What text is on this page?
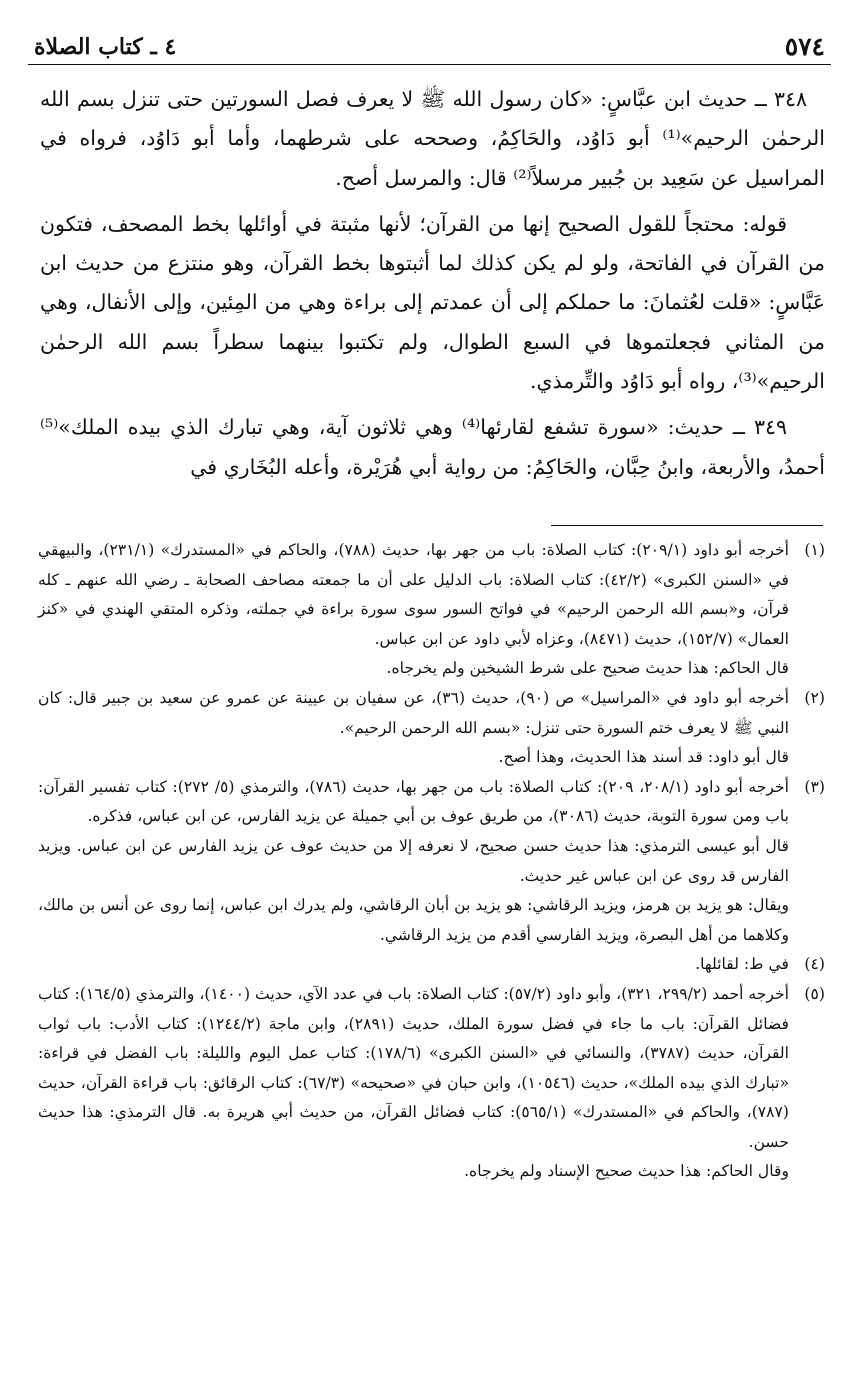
٥٧٤
٤ ـ كتاب الصلاة

٣٤٨ ــ حديث ابن عبَّاسٍ: «كان رسول الله ﷺ لا يعرف فصل السورتين حتى تنزل بسم الله الرحمٰن الرحيم»⁽¹⁾ أبو دَاوُد، والحَاكِمُ، وصححه على شرطهما، وأما أبو دَاوُد، فرواه في المراسيل عن سَعِيد بن جُبير مرسلاً⁽²⁾ قال: والمرسل أصح.

قوله: محتجاً للقول الصحيح إنها من القرآن؛ لأنها مثبتة في أوائلها بخط المصحف، فتكون من القرآن في الفاتحة، ولو لم يكن كذلك لما أثبتوها بخط القرآن، وهو منتزع من حديث ابن عَبَّاسٍ: «قلت لعُثمانَ: ما حملكم إلى أن عمدتم إلى براءة وهي من المِئين، وإلى الأنفال، وهي من المثاني فجعلتموها في السبع الطوال، ولم تكتبوا بينهما سطراً بسم الله الرحمٰن الرحيم»⁽³⁾، رواه أبو دَاوُد والتِّرمذي.

٣٤٩ ــ حديث: «سورة تشفع لقارئها⁽⁴⁾ وهي ثلاثون آية، وهي تبارك الذي بيده الملك»⁽⁵⁾ أحمدُ، والأربعة، وابنُ حِبَّان، والحَاكِمُ: من رواية أبي هُرَيْرة، وأعله البُخَاري في

(١)
أخرجه أبو داود (٢٠٩/١): كتاب الصلاة: باب من جهر بها، حديث (٧٨٨)، والحاكم في «المستدرك» (٢٣١/١)، والبيهقي في «السنن الكبرى» (٤٢/٢): كتاب الصلاة: باب الدليل على أن ما جمعته مصاحف الصحابة ـ رضي الله عنهم ـ كله قرآن، و«بسم الله الرحمن الرحيم» في فواتح السور سوى سورة براءة في جملته، وذكره المتقي الهندي في «كنز العمال» (١٥٢/٧)، حديث (٨٤٧١)، وعزاه لأبي داود عن ابن عباس.
قال الحاكم: هذا حديث صحيح على شرط الشيخين ولم يخرجاه.
(٢)
أخرجه أبو داود في «المراسيل» ص (٩٠)، حديث (٣٦)، عن سفيان بن عيينة عن عمرو عن سعيد بن جبير قال: كان النبي ﷺ لا يعرف ختم السورة حتى تنزل: «بسم الله الرحمن الرحيم».
قال أبو داود: قد أسند هذا الحديث، وهذا أصح.
(٣)
أخرجه أبو داود (٢٠٨/١، ٢٠٩): كتاب الصلاة: باب من جهر بها، حديث (٧٨٦)، والترمذي (٥/ ٢٧٢): كتاب تفسير القرآن: باب ومن سورة التوبة، حديث (٣٠٨٦)، من طريق عوف بن أبي جميلة عن يزيد الفارس، عن ابن عباس، فذكره.
قال أبو عيسى الترمذي: هذا حديث حسن صحيح، لا نعرفه إلا من حديث عوف عن يزيد الفارس عن ابن عباس. ويزيد الفارس قد روى عن ابن عباس غير حديث.
ويقال: هو يزيد بن هرمز، ويزيد الرقاشي: هو يزيد بن أبان الرقاشي، ولم يدرك ابن عباس، إنما روى عن أنس بن مالك، وكلاهما من أهل البصرة، ويزيد الفارسي أقدم من يزيد الرقاشي.
(٤)
في ط: لقائلها.
(٥)
أخرجه أحمد (٢٩٩/٢، ٣٢١)، وأبو داود (٥٧/٢): كتاب الصلاة: باب في عدد الآي، حديث (١٤٠٠)، والترمذي (١٦٤/٥): كتاب فضائل القرآن: باب ما جاء في فضل سورة الملك، حديث (٢٨٩١)، وابن ماجة (١٢٤٤/٢): كتاب الأدب: باب ثواب القرآن، حديث (٣٧٨٧)، والنسائي في «السنن الكبرى» (١٧٨/٦): كتاب عمل اليوم والليلة: باب الفضل في قراءة: «تبارك الذي بيده الملك»، حديث (١٠٥٤٦)، وابن حبان في «صحيحه» (٦٧/٣): كتاب الرقائق: باب قراءة القرآن، حديث (٧٨٧)، والحاكم في «المستدرك» (٥٦٥/١): كتاب فضائل القرآن، من حديث أبي هريرة به. قال الترمذي: هذا حديث حسن.
وقال الحاكم: هذا حديث صحيح الإسناد ولم يخرجاه.
